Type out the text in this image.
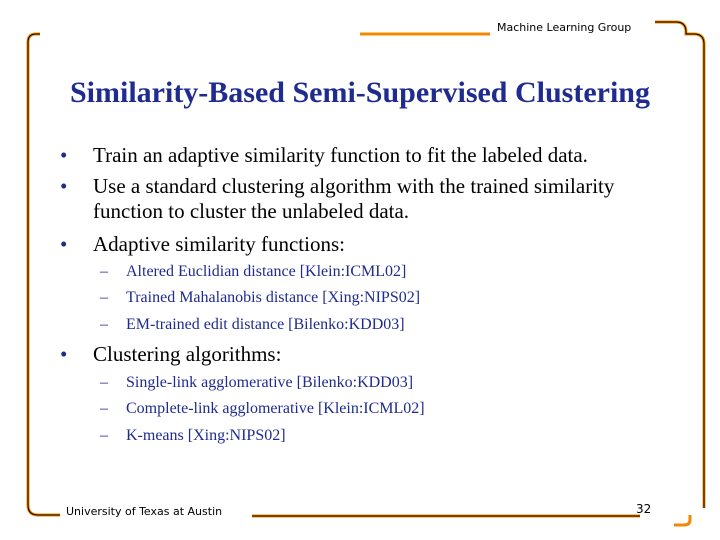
Machine Learning Group
Similarity-Based Semi-Supervised Clustering
• Train an adaptive similarity function to fit the labeled data.
• Use a standard clustering algorithm with the trained similarity function to cluster the unlabeled data.
• Adaptive similarity functions:
– Altered Euclidian distance [Klein:ICML02]
– Trained Mahalanobis distance [Xing:NIPS02]
– EM-trained edit distance [Bilenko:KDD03]
• Clustering algorithms:
– Single-link agglomerative [Bilenko:KDD03]
– Complete-link agglomerative [Klein:ICML02]
– K-means [Xing:NIPS02]
University of Texas at Austin	32
